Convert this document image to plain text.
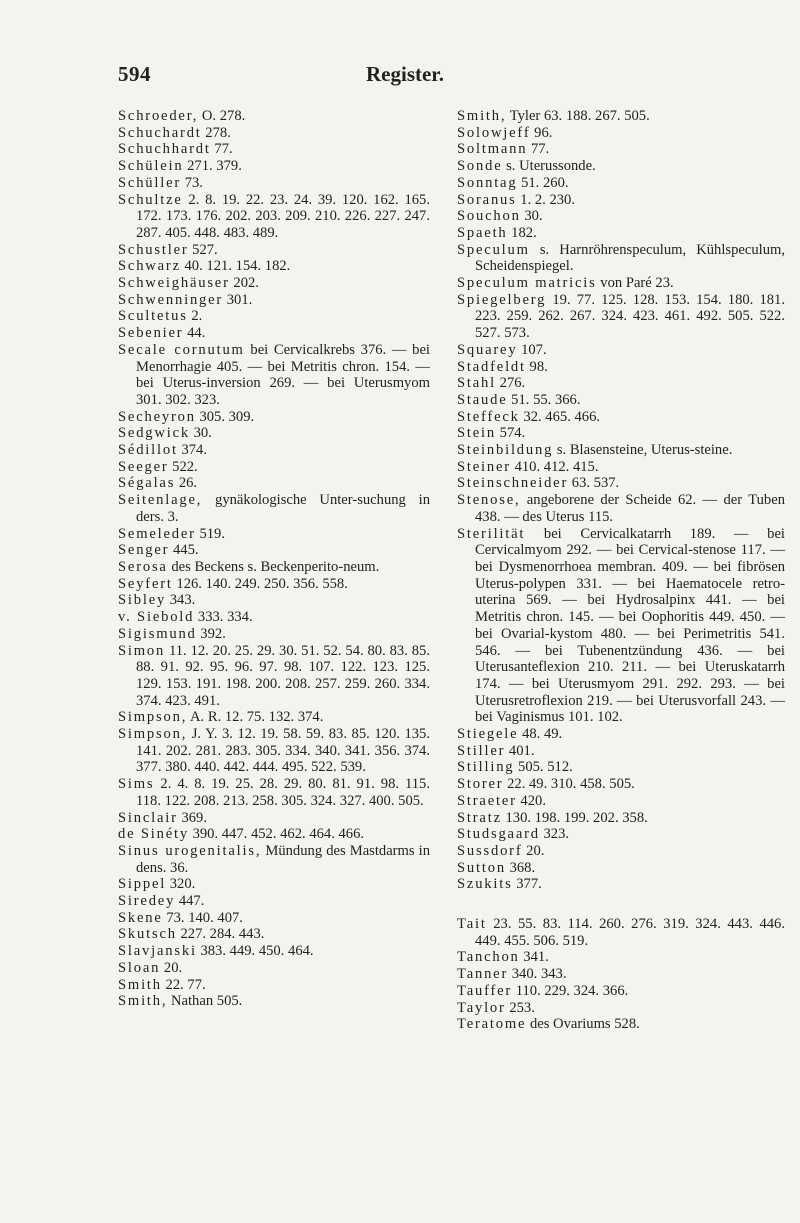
594	Register.
Schroeder, O. 278.
Schuchardt 278.
Schuchhardt 77.
Schülein 271. 379.
Schüller 73.
Schultze 2. 8. 19. 22. 23. 24. 39. 120. 162. 165. 172. 173. 176. 202. 203. 209. 210. 226. 227. 247. 287. 405. 448. 483. 489.
Schustler 527.
Schwarz 40. 121. 154. 182.
Schweighäuser 202.
Schwenninger 301.
Scultetus 2.
Sebenier 44.
Secale cornutum bei Cervicalkrebs 376. — bei Menorrhagie 405. — bei Metritis chron. 154. — bei Uterus-inversion 269. — bei Uterusmyom 301. 302. 323.
Secheyron 305. 309.
Sedgwick 30.
Sédillot 374.
Seeger 522.
Ségalas 26.
Seitenlage, gynäkologische Unter-suchung in ders. 3.
Semeleder 519.
Senger 445.
Serosa des Beckens s. Beckenperito-neum.
Seyfert 126. 140. 249. 250. 356. 558.
Sibley 343.
v. Siebold 333. 334.
Sigismund 392.
Simon 11. 12. 20. 25. 29. 30. 51. 52. 54. 80. 83. 85. 88. 91. 92. 95. 96. 97. 98. 107. 122. 123. 125. 129. 153. 191. 198. 200. 208. 257. 259. 260. 334. 374. 423. 491.
Simpson, A. R. 12. 75. 132. 374.
Simpson, J. Y. 3. 12. 19. 58. 59. 83. 85. 120. 135. 141. 202. 281. 283. 305. 334. 340. 341. 356. 374. 377. 380. 440. 442. 444. 495. 522. 539.
Sims 2. 4. 8. 19. 25. 28. 29. 80. 81. 91. 98. 115. 118. 122. 208. 213. 258. 305. 324. 327. 400. 505.
Sinclair 369.
de Sinéty 390. 447. 452. 462. 464. 466.
Sinus urogenitalis, Mündung des Mastdarms in dens. 36.
Sippel 320.
Siredey 447.
Skene 73. 140. 407.
Skutsch 227. 284. 443.
Slavjanski 383. 449. 450. 464.
Sloan 20.
Smith 22. 77.
Smith, Nathan 505.
Smith, Tyler 63. 188. 267. 505.
Solowjeff 96.
Soltmann 77.
Sonde s. Uterussonde.
Sonntag 51. 260.
Soranus 1. 2. 230.
Souchon 30.
Spaeth 182.
Speculum s. Harnröhrenspeculum, Kühlspeculum, Scheidenspiegel.
Speculum matricis von Paré 23.
Spiegelberg 19. 77. 125. 128. 153. 154. 180. 181. 223. 259. 262. 267. 324. 423. 461. 492. 505. 522. 527. 573.
Squarey 107.
Stadfeldt 98.
Stahl 276.
Staude 51. 55. 366.
Steffeck 32. 465. 466.
Stein 574.
Steinbildung s. Blasensteine, Uterus-steine.
Steiner 410. 412. 415.
Steinschneider 63. 537.
Stenose, angeborene der Scheide 62. — der Tuben 438. — des Uterus 115.
Sterilität bei Cervicalkatarrh 189. — bei Cervicalmyom 292. — bei Cervical-stenose 117. — bei Dysmenorrhoea membran. 409. — bei fibrösen Uterus-polypen 331. — bei Haematocele retro-uterina 569. — bei Hydrosalpinx 441. — bei Metritis chron. 145. — bei Oophoritis 449. 450. — bei Ovarial-kystom 480. — bei Perimetritis 541. 546. — bei Tubenentzündung 436. — bei Uterusanteflexion 210. 211. — bei Uteruskatarrh 174. — bei Uterusmyom 291. 292. 293. — bei Uterusretroflexion 219. — bei Uterusvorfall 243. — bei Vaginismus 101. 102.
Stiegele 48. 49.
Stiller 401.
Stilling 505. 512.
Storer 22. 49. 310. 458. 505.
Straeter 420.
Stratz 130. 198. 199. 202. 358.
Studsgaard 323.
Sussdorf 20.
Sutton 368.
Szukits 377.
Tait 23. 55. 83. 114. 260. 276. 319. 324. 443. 446. 449. 455. 506. 519.
Tanchon 341.
Tanner 340. 343.
Tauffer 110. 229. 324. 366.
Taylor 253.
Teratome des Ovariums 528.
